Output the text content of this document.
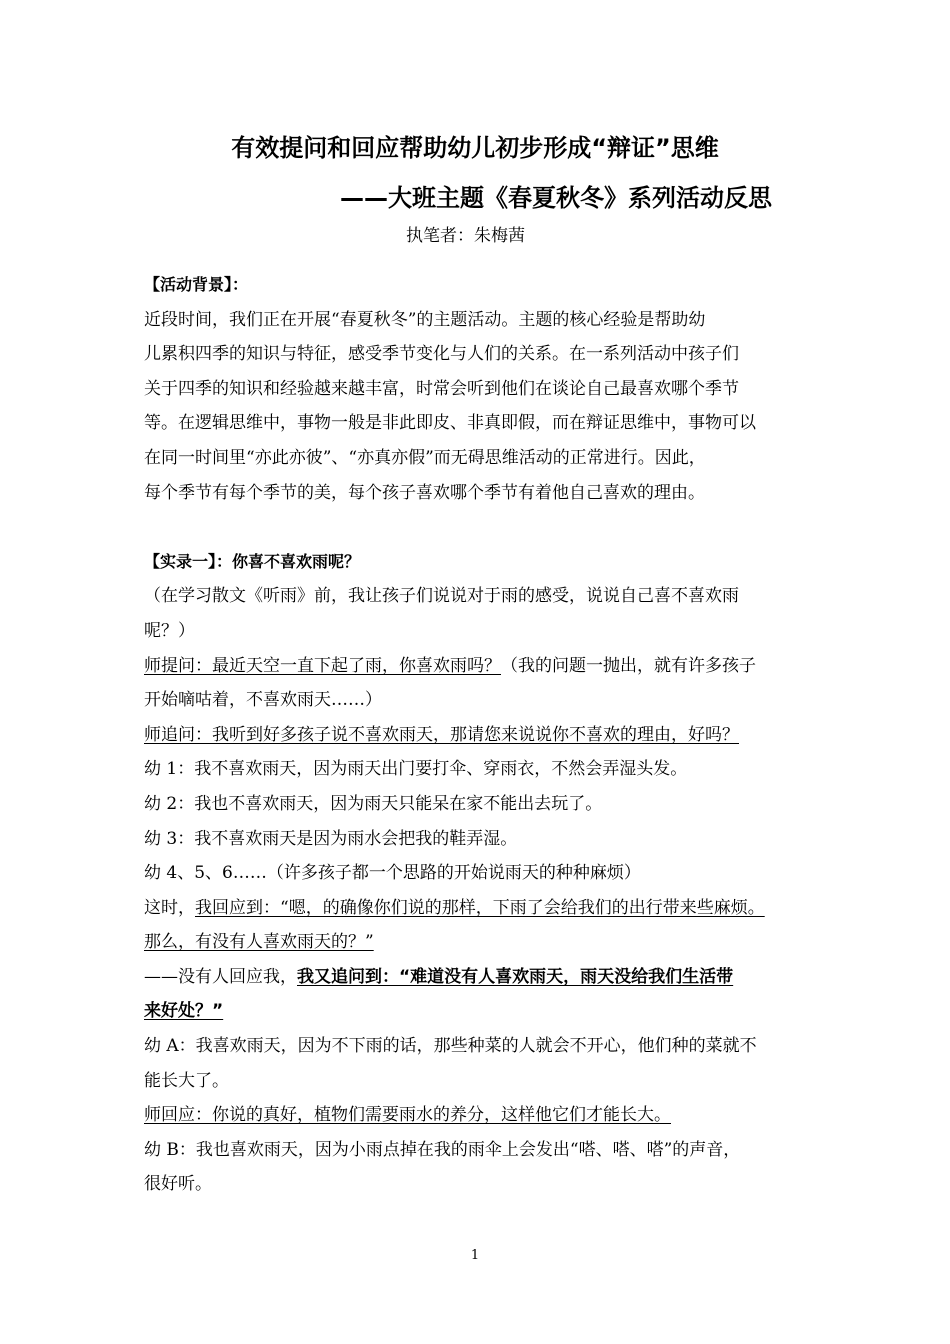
有效提问和回应帮助幼儿初步形成“辩证”思维
——大班主题《春夏秋冬》系列活动反思
执笔者：朱梅茜
【活动背景】：
近段时间，我们正在开展“春夏秋冬”的主题活动。主题的核心经验是帮助幼
儿累积四季的知识与特征，感受季节变化与人们的关系。在一系列活动中孩子们
关于四季的知识和经验越来越丰富，时常会听到他们在谈论自己最喜欢哪个季节
等。在逻辑思维中，事物一般是非此即皮、非真即假，而在辩证思维中，事物可以
在同一时间里“亦此亦彼”、“亦真亦假”而无碍思维活动的正常进行。因此，
每个季节有每个季节的美，每个孩子喜欢哪个季节有着他自己喜欢的理由。
【实录一】：你喜不喜欢雨呢？
（在学习散文《听雨》前，我让孩子们说说对于雨的感受，说说自己喜不喜欢雨
呢？）
师提问：最近天空一直下起了雨，你喜欢雨吗？（我的问题一抛出，就有许多孩子
开始嘀咕着，不喜欢雨天……）
师追问：我听到好多孩子说不喜欢雨天，那请您来说说你不喜欢的理由，好吗？
幼 1：我不喜欢雨天，因为雨天出门要打伞、穿雨衣，不然会弄湿头发。
幼 2：我也不喜欢雨天，因为雨天只能呆在家不能出去玩了。
幼 3：我不喜欢雨天是因为雨水会把我的鞋弄湿。
幼 4、5、6……（许多孩子都一个思路的开始说雨天的种种麻烦）
这时，我回应到：“嗯，的确像你们说的那样，下雨了会给我们的出行带来些麻烦。
那么，有没有人喜欢雨天的？”
——没有人回应我，我又追问到：“难道没有人喜欢雨天，雨天没给我们生活带
来好处？”
幼 A：我喜欢雨天，因为不下雨的话，那些种菜的人就会不开心，他们种的菜就不
能长大了。
师回应：你说的真好，植物们需要雨水的养分，这样他它们才能长大。
幼 B：我也喜欢雨天，因为小雨点掉在我的雨伞上会发出“嗒、嗒、嗒”的声音，
很好听。
1
